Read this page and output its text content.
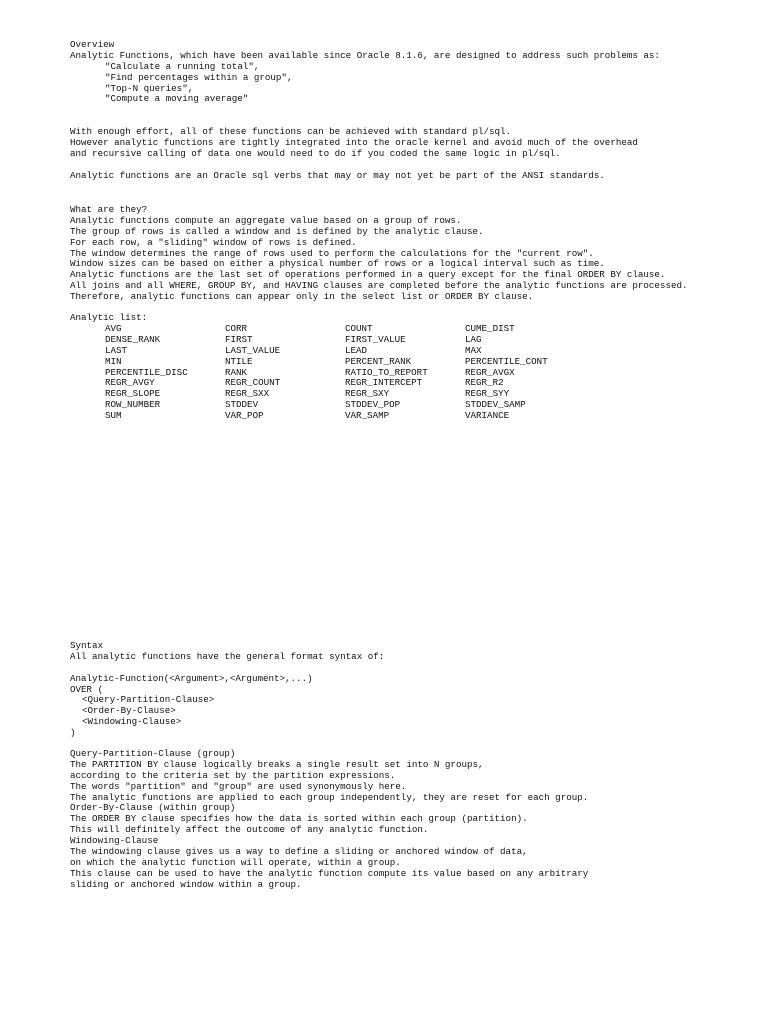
Overview
Analytic Functions, which have been available since Oracle 8.1.6, are designed to address such problems as:
"Calculate a running total",
"Find percentages within a group",
"Top-N queries",
"Compute a moving average"
With enough effort, all of these functions can be achieved with standard pl/sql.
However analytic functions are tightly integrated into the oracle kernel and avoid much of the overhead
and recursive calling of data one would need to do if you coded the same logic in pl/sql.
Analytic functions are an Oracle sql verbs that may or may not yet be part of the ANSI standards.
What are they?
Analytic functions compute an aggregate value based on a group of rows.
The group of rows is called a window and is defined by the analytic clause.
For each row, a "sliding" window of rows is defined.
The window determines the range of rows used to perform the calculations for the "current row".
Window sizes can be based on either a physical number of rows or a logical interval such as time.
Analytic functions are the last set of operations performed in a query except for the final ORDER BY clause.
All joins and all WHERE, GROUP BY, and HAVING clauses are completed before the analytic functions are processed.
Therefore, analytic functions can appear only in the select list or ORDER BY clause.
Analytic list:
AVG	CORR	COUNT	CUME_DIST
DENSE_RANK	FIRST	FIRST_VALUE	LAG
LAST	LAST_VALUE	LEAD	MAX
MIN	NTILE	PERCENT_RANK	PERCENTILE_CONT
PERCENTILE_DISC	RANK	RATIO_TO_REPORT	REGR_AVGX
REGR_AVGY	REGR_COUNT	REGR_INTERCEPT	REGR_R2
REGR_SLOPE	REGR_SXX	REGR_SXY	REGR_SYY
ROW_NUMBER	STDDEV	STDDEV_POP	STDDEV_SAMP
SUM	VAR_POP	VAR_SAMP	VARIANCE
Syntax
All analytic functions have the general format syntax of:
Analytic-Function(<Argument>,<Argument>,...)
OVER (
<Query-Partition-Clause>
<Order-By-Clause>
<Windowing-Clause>
)
Query-Partition-Clause (group)
The PARTITION BY clause logically breaks a single result set into N groups,
according to the criteria set by the partition expressions.
The words "partition" and "group" are used synonymously here.
The analytic functions are applied to each group independently, they are reset for each group.
Order-By-Clause (within group)
The ORDER BY clause specifies how the data is sorted within each group (partition).
This will definitely affect the outcome of any analytic function.
Windowing-Clause
The windowing clause gives us a way to define a sliding or anchored window of data,
on which the analytic function will operate, within a group.
This clause can be used to have the analytic function compute its value based on any arbitrary
sliding or anchored window within a group.
